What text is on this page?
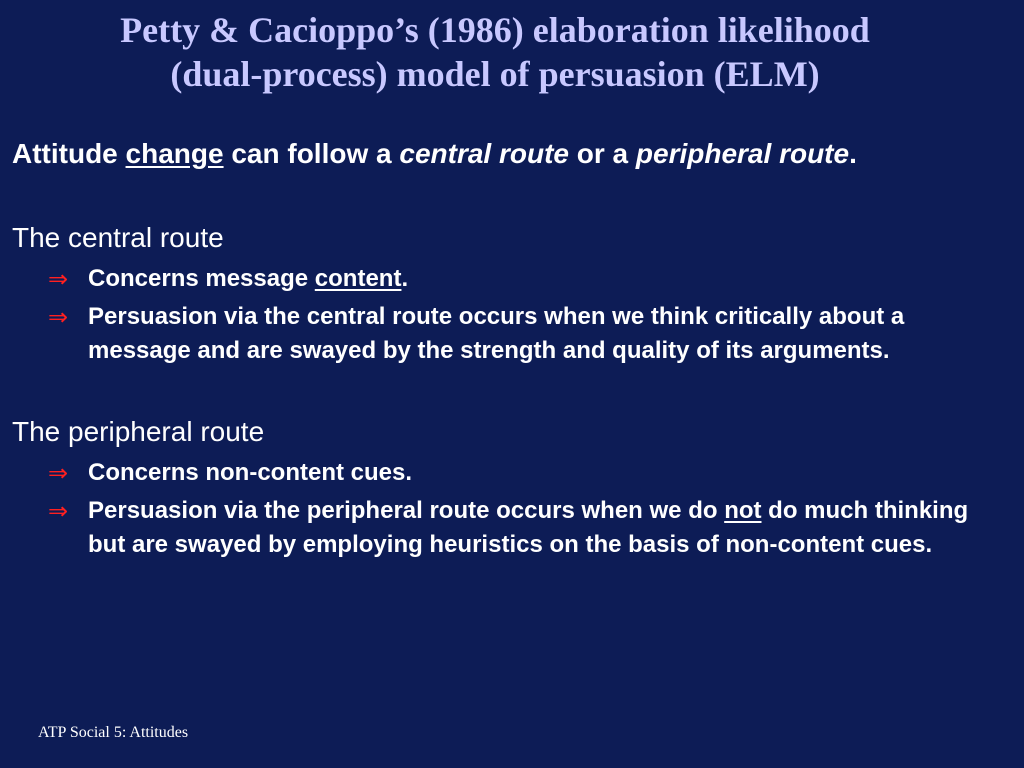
Petty & Cacioppo’s (1986) elaboration likelihood
(dual-process) model of persuasion (ELM)

Attitude change can follow a central route or a peripheral route.

The central route

⇒ Concerns message content.
⇒ Persuasion via the central route occurs when we think critically about a message and are swayed by the strength and quality of its arguments.

The peripheral route

⇒ Concerns non-content cues.
⇒ Persuasion via the peripheral route occurs when we do not do much thinking but are swayed by employing heuristics on the basis of non-content cues.
ATP Social 5: Attitudes
